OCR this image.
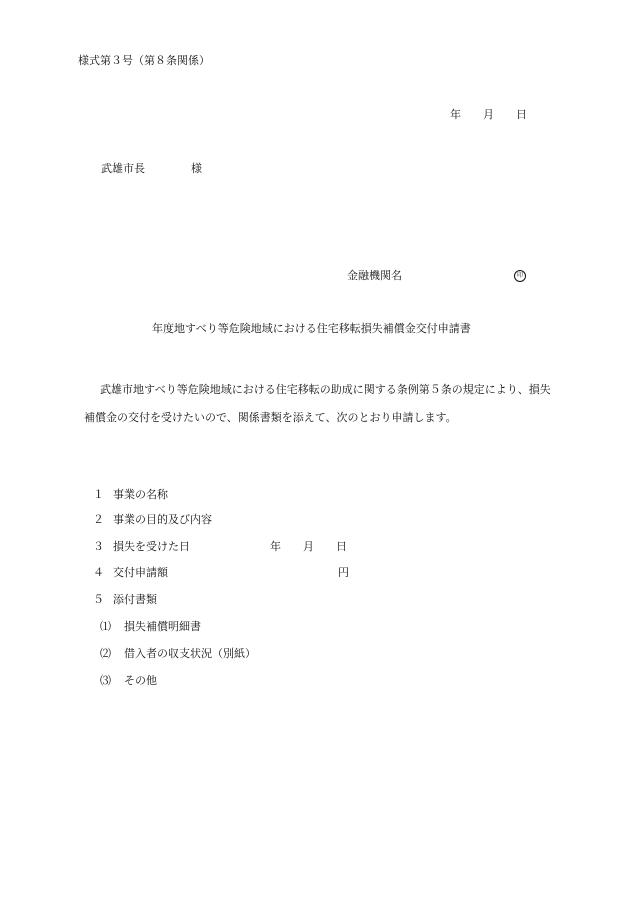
様式第３号（第８条関係）
年 月 日
武雄市長	様
金融機関名	印
年度地すべり等危険地域における住宅移転損失補償金交付申請書
武雄市地すべり等危険地域における住宅移転の助成に関する条例第５条の規定により、損失補償金の交付を受けたいので、関係書類を添えて、次のとおり申請します。
１ 事業の名称
２ 事業の目的及び内容
３ 損失を受けた日	年 月 日
４ 交付申請額	円
５ 添付書類
⑴ 損失補償明細書
⑵ 借入者の収支状況（別紙）
⑶ その他
